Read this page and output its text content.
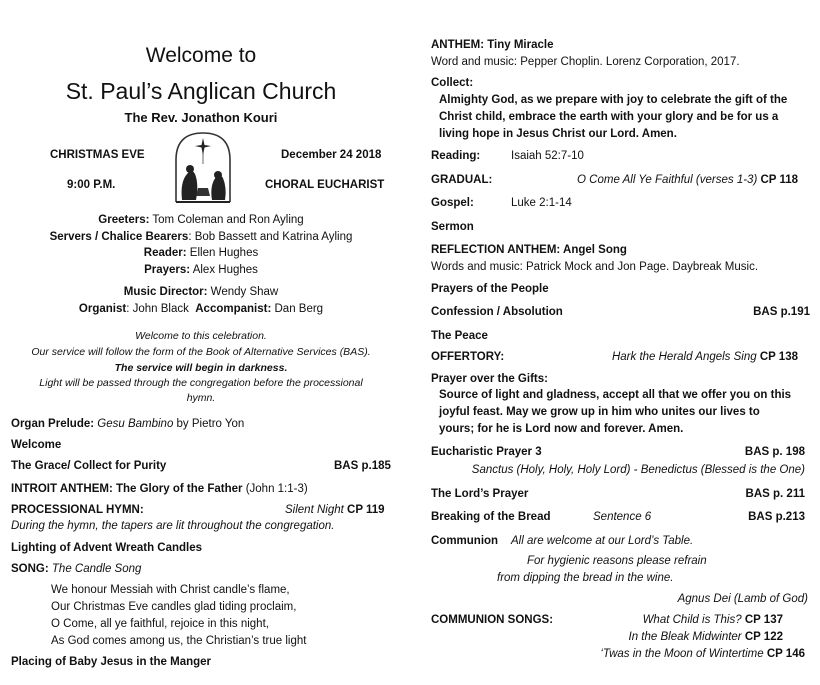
Welcome to
St. Paul’s Anglican Church
The Rev. Jonathon Kouri
CHRISTMAS EVE	December 24 2018
9:00 P.M.	CHORAL EUCHARIST
Greeters: Tom Coleman and Ron Ayling
Servers / Chalice Bearers: Bob Bassett and Katrina Ayling
Reader: Ellen Hughes
Prayers: Alex Hughes
Music Director: Wendy Shaw
Organist: John Black Accompanist: Dan Berg
Welcome to this celebration.
Our service will follow the form of the Book of Alternative Services (BAS).
The service will begin in darkness.
Light will be passed through the congregation before the processional
hymn.
Organ Prelude: Gesu Bambino by Pietro Yon
Welcome
The Grace/ Collect for Purity	BAS p.185
INTROIT ANTHEM: The Glory of the Father (John 1:1-3)
PROCESSIONAL HYMN:	Silent Night CP 119
During the hymn, the tapers are lit throughout the congregation.
Lighting of Advent Wreath Candles
SONG: The Candle Song
We honour Messiah with Christ candle’s flame,
Our Christmas Eve candles glad tiding proclaim,
O Come, all ye faithful, rejoice in this night,
As God comes among us, the Christian’s true light
Placing of Baby Jesus in the Manger
ANTHEM: Tiny Miracle
Word and music: Pepper Choplin. Lorenz Corporation, 2017.
Collect:
Almighty God, as we prepare with joy to celebrate the gift of the
Christ child, embrace the earth with your glory and be for us a
living hope in Jesus Christ our Lord. Amen.
Reading:	Isaiah 52:7-10
GRADUAL:	O Come All Ye Faithful (verses 1-3) CP 118
Gospel:	Luke 2:1-14
Sermon
REFLECTION ANTHEM: Angel Song
Words and music: Patrick Mock and Jon Page. Daybreak Music.
Prayers of the People
Confession / Absolution	BAS p.191
The Peace
OFFERTORY:	Hark the Herald Angels Sing CP 138
Prayer over the Gifts:
Source of light and gladness, accept all that we offer you on this
joyful feast. May we grow up in him who unites our lives to
yours; for he is Lord now and forever. Amen.
Eucharistic Prayer 3	BAS p. 198
Sanctus (Holy, Holy, Holy Lord) - Benedictus (Blessed is the One)
The Lord’s Prayer	BAS p. 211
Breaking of the Bread	Sentence 6	BAS p.213
Communion All are welcome at our Lord’s Table.
For hygienic reasons please refrain
from dipping the bread in the wine.
Agnus Dei (Lamb of God)
COMMUNION SONGS:	What Child is This? CP 137
In the Bleak Midwinter CP 122
‘Twas in the Moon of Wintertime CP 146
